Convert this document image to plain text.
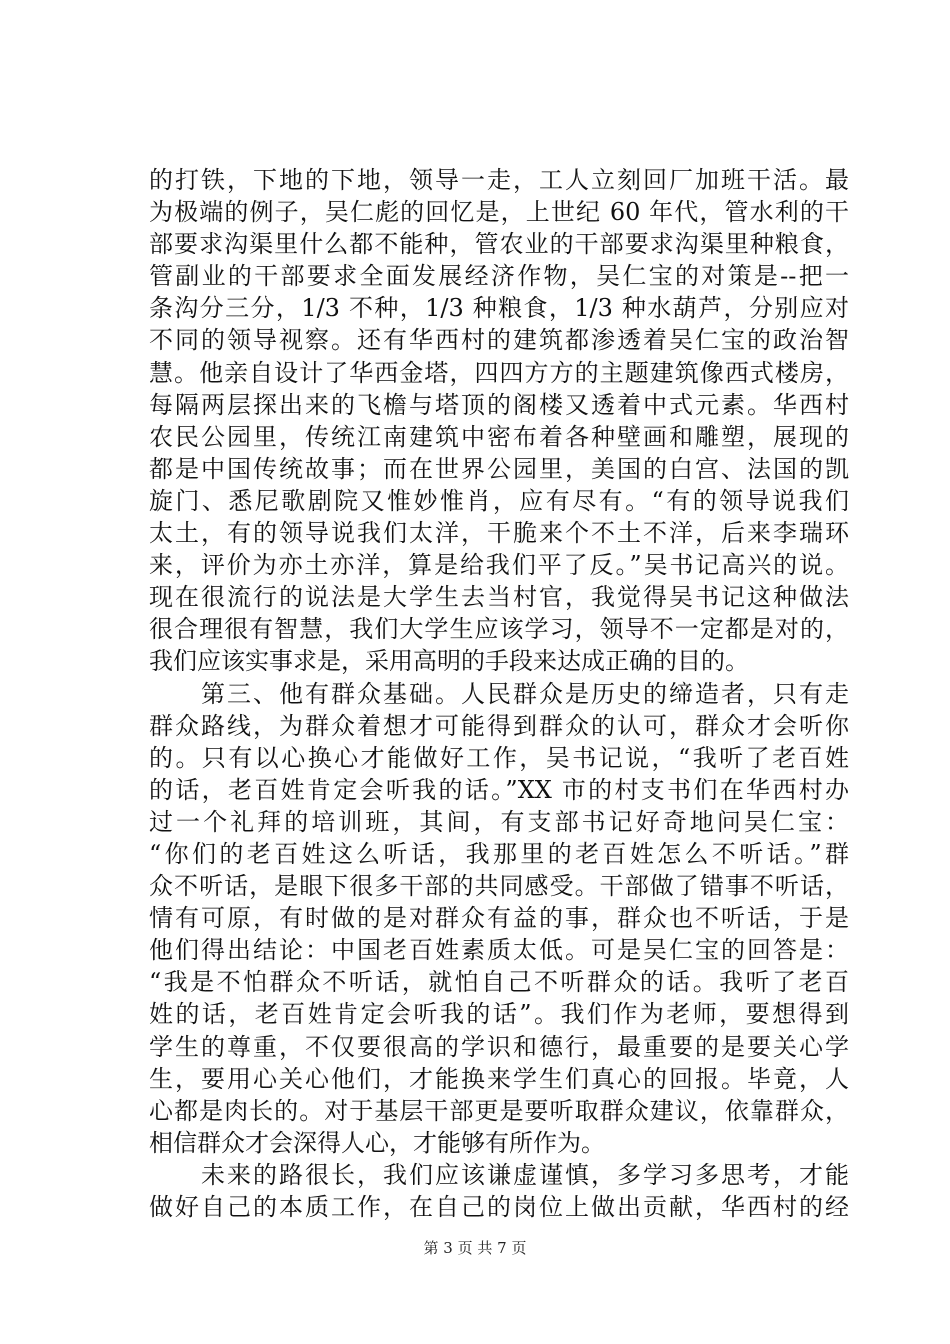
的打铁，下地的下地，领导一走，工人立刻回厂加班干活。最
为极端的例子，吴仁彪的回忆是，上世纪 60 年代，管水利的干
部要求沟渠里什么都不能种，管农业的干部要求沟渠里种粮食，
管副业的干部要求全面发展经济作物，吴仁宝的对策是--把一
条沟分三分，1/3 不种，1/3 种粮食，1/3 种水葫芦，分别应对
不同的领导视察。还有华西村的建筑都渗透着吴仁宝的政治智
慧。他亲自设计了华西金塔，四四方方的主题建筑像西式楼房，
每隔两层探出来的飞檐与塔顶的阁楼又透着中式元素。华西村
农民公园里，传统江南建筑中密布着各种壁画和雕塑，展现的
都是中国传统故事；而在世界公园里，美国的白宫、法国的凯
旋门、悉尼歌剧院又惟妙惟肖，应有尽有。“有的领导说我们
太土，有的领导说我们太洋，干脆来个不土不洋，后来李瑞环
来，评价为亦土亦洋，算是给我们平了反。”吴书记高兴的说。
现在很流行的说法是大学生去当村官，我觉得吴书记这种做法
很合理很有智慧，我们大学生应该学习，领导不一定都是对的，
我们应该实事求是，采用高明的手段来达成正确的目的。
　　第三、他有群众基础。人民群众是历史的缔造者，只有走
群众路线，为群众着想才可能得到群众的认可，群众才会听你
的。只有以心换心才能做好工作，吴书记说，“我听了老百姓
的话，老百姓肯定会听我的话。”XX 市的村支书们在华西村办
过一个礼拜的培训班，其间，有支部书记好奇地问吴仁宝：
“你们的老百姓这么听话，我那里的老百姓怎么不听话。”群
众不听话，是眼下很多干部的共同感受。干部做了错事不听话，
情有可原，有时做的是对群众有益的事，群众也不听话，于是
他们得出结论：中国老百姓素质太低。可是吴仁宝的回答是：
“我是不怕群众不听话，就怕自己不听群众的话。我听了老百
姓的话，老百姓肯定会听我的话”。我们作为老师，要想得到
学生的尊重，不仅要很高的学识和德行，最重要的是要关心学
生，要用心关心他们，才能换来学生们真心的回报。毕竟，人
心都是肉长的。对于基层干部更是要听取群众建议，依靠群众，
相信群众才会深得人心，才能够有所作为。
　　未来的路很长，我们应该谦虚谨慎，多学习多思考，才能
做好自己的本质工作，在自己的岗位上做出贡献，华西村的经
第 3 页 共 7 页
